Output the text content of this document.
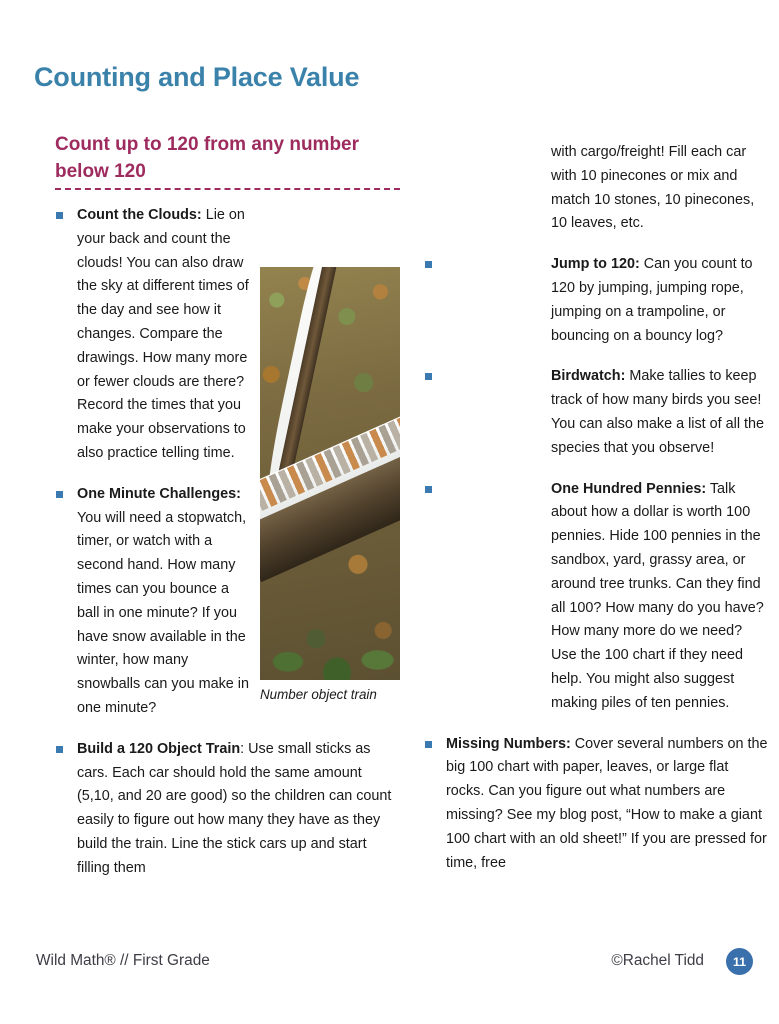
Counting and Place Value
Count up to 120 from any number below 120
Number object train
Count the Clouds: Lie on your back and count the clouds! You can also draw the sky at different times of the day and see how it changes. Compare the drawings. How many more or fewer clouds are there? Record the times that you make your observations to also practice telling time.
One Minute Challenges: You will need a stopwatch, timer, or watch with a second hand. How many times can you bounce a ball in one minute? If you have snow available in the winter, how many snowballs can you make in one minute?
Build a 120 Object Train: Use small sticks as cars. Each car should hold the same amount (5,10, and 20 are good) so the children can count easily to figure out how many they have as they build the train. Line the stick cars up and start filling them
with cargo/freight! Fill each car with 10 pinecones or mix and match 10 stones, 10 pinecones, 10 leaves, etc.
Jump to 120: Can you count to 120 by jumping, jumping rope, jumping on a trampoline, or bouncing on a bouncy log?
Birdwatch: Make tallies to keep track of how many birds you see! You can also make a list of all the species that you observe!
One Hundred Pennies: Talk about how a dollar is worth 100 pennies. Hide 100 pennies in the sandbox, yard, grassy area, or around tree trunks. Can they find all 100? How many do you have? How many more do we need? Use the 100 chart if they need help. You might also suggest making piles of ten pennies.
Missing Numbers: Cover several numbers on the big 100 chart with paper, leaves, or large flat rocks. Can you figure out what numbers are missing? See my blog post, “How to make a giant 100 chart with an old sheet!” If you are pressed for time, free
Wild Math® // First Grade	©Rachel Tidd	11
